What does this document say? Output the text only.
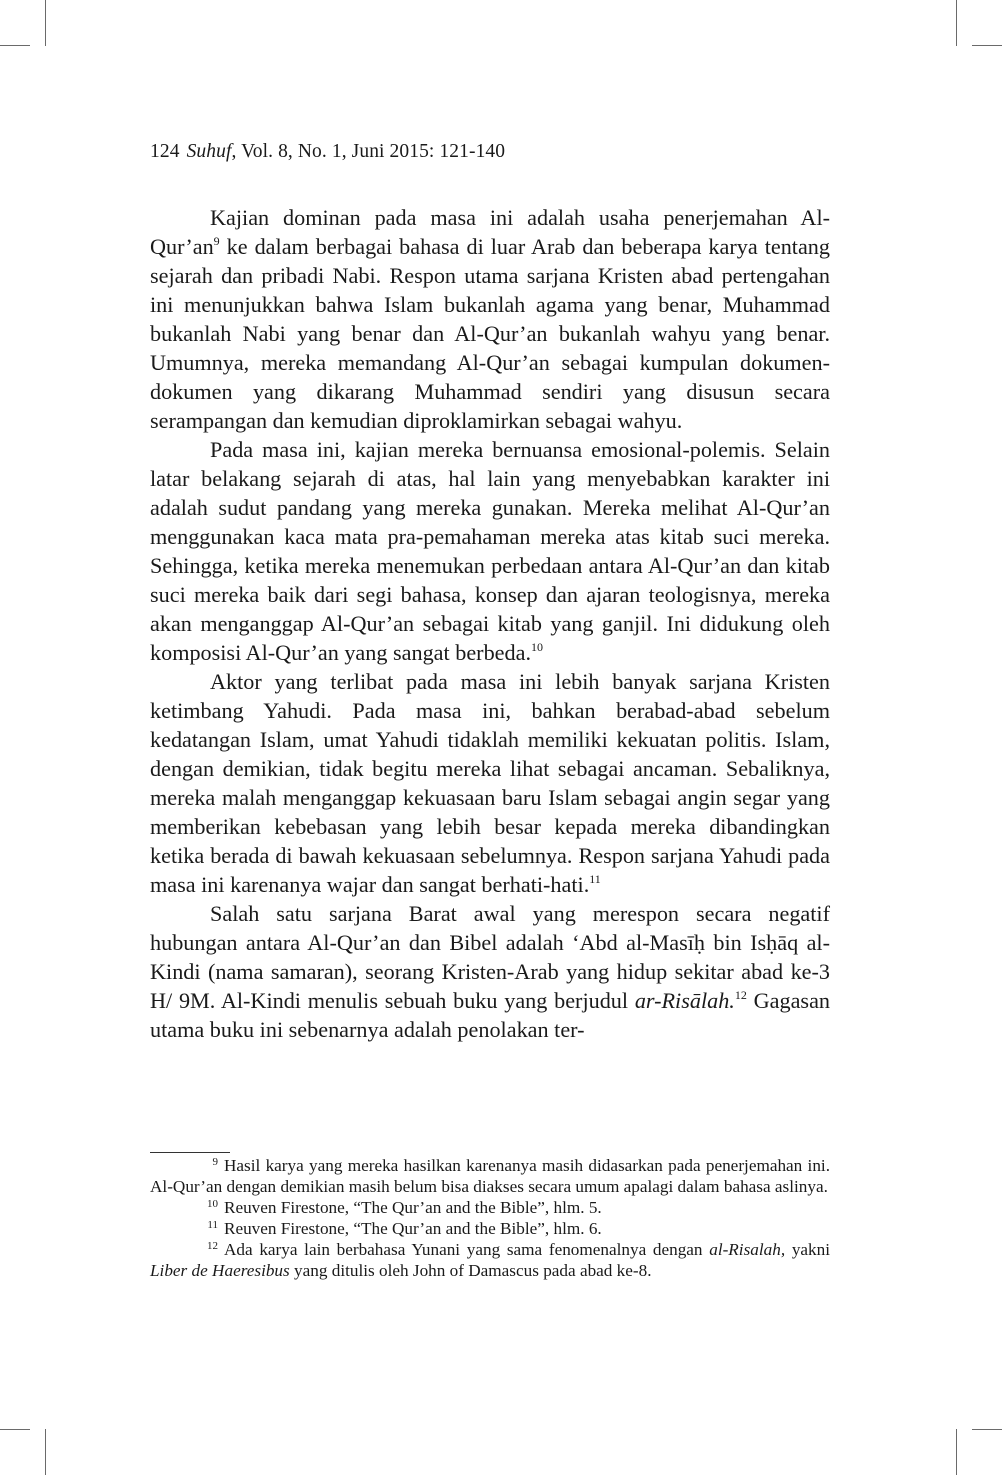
124 Suhuf, Vol. 8, No. 1, Juni 2015: 121-140

Kajian dominan pada masa ini adalah usaha penerjemahan $Al-Qur’an^9$ ke dalam berbagai bahasa di luar Arab dan beberapa karya tentang sejarah dan pribadi Nabi. Respon utama sarjana Kristen abad pertengahan ini menunjukkan bahwa Islam bukanlah agama yang benar, Muhammad bukanlah Nabi yang benar dan Al-Qur’an bukanlah wahyu yang benar. Umumnya, mereka memandang Al-Qur’an sebagai kumpulan dokumen-dokumen yang dikarang Muhammad sendiri yang disusun secara serampangan dan kemudian diproklamirkan sebagai wahyu.

Pada masa ini, kajian mereka bernuansa emosional-polemis. Selain latar belakang sejarah di atas, hal lain yang menyebabkan karakter ini adalah sudut pandang yang mereka gunakan. Mereka melihat Al-Qur’an menggunakan kaca mata pra-pemahaman mereka atas kitab suci mereka. Sehingga, ketika mereka menemukan perbedaan antara Al-Qur’an dan kitab suci mereka baik dari segi bahasa, konsep dan ajaran teologisnya, mereka akan menganggap Al-Qur’an sebagai kitab yang ganjil. Ini didukung oleh komposisi Al-Qur’an yang sangat berbeda.$^{10}$

Aktor yang terlibat pada masa ini lebih banyak sarjana Kristen ketimbang Yahudi. Pada masa ini, bahkan berabad-abad sebelum kedatangan Islam, umat Yahudi tidaklah memiliki kekuatan politis. Islam, dengan demikian, tidak begitu mereka lihat sebagai ancaman. Sebaliknya, mereka malah menganggap kekuasaan baru Islam sebagai angin segar yang memberikan kebebasan yang lebih besar kepada mereka dibandingkan ketika berada di bawah kekuasaan sebelumnya. Respon sarjana Yahudi pada masa ini karenanya wajar dan sangat berhati-hati.$^{11}$

Salah satu sarjana Barat awal yang merespon secara negatif hubungan antara Al-Qur’an dan Bibel adalah ‘Abd al-Masīḥ bin Isḥāq al-Kindi (nama samaran), seorang Kristen-Arab yang hidup sekitar abad ke-3 H/ 9M. Al-Kindi menulis sebuah buku yang berjudul ar-Risālah.$^{12}$ Gagasan utama buku ini sebenarnya adalah penolakan ter-

9 Hasil karya yang mereka hasilkan karenanya masih didasarkan pada penerjemahan ini. Al-Qur’an dengan demikian masih belum bisa diakses secara umum apalagi dalam bahasa aslinya.

10 Reuven Firestone, “The Qur’an and the Bible”, hlm. 5.

11 Reuven Firestone, “The Qur’an and the Bible”, hlm. 6.

12 Ada karya lain berbahasa Yunani yang sama fenomenalnya dengan al-Risalah, yakni Liber de Haeresibus yang ditulis oleh John of Damascus pada abad ke-8.
